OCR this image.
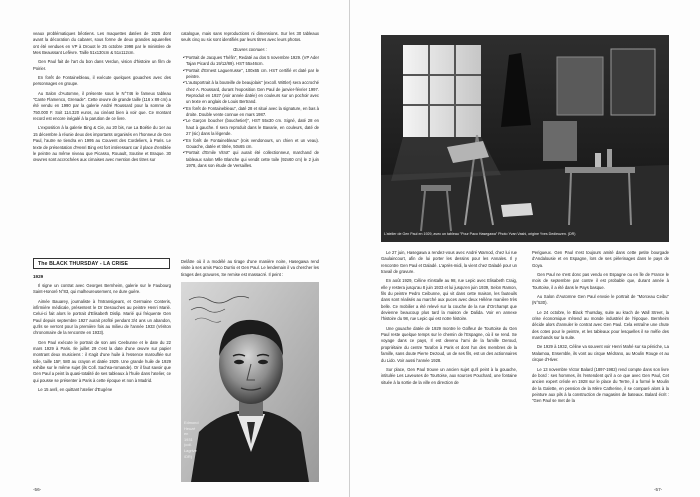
veaux problématiques bêotiens. Les maquettes datées de 1925 dont avant la décoration du cabaret, sous forme de deux grandes aquarelles ont été vendues en VP à Drouot le 25 octobre 1998 par le ministère de Mes Beaussant Lefèvre. Taille 51x130cm & 51x112cm.

Gen Paul fait de l'art du bon dans Verdun, vision d'histoire un film de Poirier.

En forêt de Fontainebleau, il exécute quelques gouaches avec des personnages en groupe.

Au Salon d'Automne, il présente sous le N°746 le fameux tableau "Cante Flamenco, Grenade". Cette œuvre de grande taille (116 x 89 cm) a été vendu en 1990 par la galerie André Roussard pour la somme de 750.000 F. Soit 114.320 euros, au cinéast bien à voir que. Ce montant record est encore inégalé à la parution de ce livre.

L'exposition à la galerie Bing & Cie, au 20 bis, rue La Boétie du 1er au 15 décembre à réunie deux des importants organisés en l'honneur de Gen Paul, l'autre se tiendra en 1995 au Couvent des Cordeliers, à Paris. Le texte de présentation d'Henri Bing est fort intéressant car il place d'emblée le peintre au même niveau que Picasso, Rouault, Soutine et Braque. 30 œuvres sont accrochées aux cimaises avec mention des titres sur

catalogue, mais sans reproductions ni dimensions. Sur les 30 tableaux seuls cinq ou six sont identifiés par leurs titres avec leurs photos.

Œuvres connues :

• "Portrait de Jacques Théfin", Redaté au dos 5 novembre 1929. (VP Ader Tajan Picard du 19/12/89). HST 55x46cm.
• "Portrait d'Ernest Laguerrusse", 100x65 cm. HST certifié et daté par le peintre.
• "L'autoportrait à la bouteille de beaujolais" (excoll. Wittler) sera accroché chez A. Roussard, durant l'exposition Gen Paul de janvier-février 1997. Reproduit en 1927 (voir année datée) en couleurs sur un pochoir avec un texte en anglais de Louis Bertrand.
• "En forêt de Fontainebleau", daté 28 et situé avec la signature, en bas à droite. Double vente connue en mars 1987.
• "Le Garçon boucher (bouchetier)", HST 55x30 cm. Signé, daté 28 en haut à gauche. Il sera reproduit dans le Bavarie, en couleurs, daté de 27 (sic) dans la légende.
• "En forêt de Fontainebleau" (rois vendonours, un chien et un veau). Gouache, datée et titrée, 50x65 cm.
• "Portrait d'Emile Vitrot" qui aurait été collectionneur, marchand de tableaux salon Mlle Blanche qui vendit cette toile (92x60 cm) le 2 juin 1978, dans son étude de Versailles.
The BLACK THURSDAY - LA CRISE
1929

Il signe un contrat avec Georges Bernheim, galerie sur le Faubourg Saint-Honoré N°83, qui malheureusement, ne dure guère.

Aimée Bauarey, journaliste à l'Intransigeant, et Germaine Conteris, infirmière médicale, présentent le Dr Desouches au peintre Henri Marié. Celui-ci fait alors le portrait d'Elisabeth Dislip. Marié qui fréquente Gen Paul depuis septembre 1927 aurait profité pendant 3/4 ans un abandon, qu'ils se verront pour la première fois au milieu de l'année 1933 (Vériton chronomaire de la rencontre en 1933).

Gen Paul exécute le portrait de son ami Ceebunne et le date du 22 mars 1929 à Paris. Ile juillet 29 c'est la date d'une œuvre sur papier montrant deux musiciens : il s'agit d'une huile à l'essence marouflée sur toile, taille 15F, 580 au crayon et datée 1929. Une grande huile de 1929 exhibe sur le même sujet (ils Coll. Sachsa-romande). Or il faut savoir que Gen Paul a peint la quasi-totalité de ses tableaux à l'huile dans l'atelier, ce qui pousse se présenter à Paris à cette époque et non à Madrid.

Le 15 avril, en quittant l'atelier d'Eugène

Delâtre où il a modélé au tirage d'une manière noire, Hasegawa rend visite à ses amis Paco Durrio et Gen Paul. Le lendemain il va chercher les tirages des gravures, Se remise est massacré. Il peint :

Edmond
Heuzé
en
1931
(coll.
Lagrive
/DR)
-56-
L'atelier de Gen Paul en 1929, avec un tableau "Pour Paco Hasegawa" Photo Yvan Vashi, origine Yves Dedieuzen. (DR)

Le 27 juin, Hasegawa a rendez-vous avec André Warnod, chez lui rue Gaulaincourt, afin de lui porter les dessins pour les Annales. Il y rencontre Gen Paul et Daladé. L'après-midi, la vient chez Daladé pour un travail de gravure.

En août 1929, Céline s'installe au 98, rue Lepic avec Elisabeth Craig, elle y restera jusqu'au 8 juin 1933 et lui jusqu'en juin 1939, Selon Ramon, fils du peintre Pedro Ceibunne, qui vit dans cette maison, les fauteuils dans sont réalisés au marché aux puces avec deux Hélène manière très belle. Ce mobilier a été relevé sur la couche de la rue d'Orchampt que devienne beaucoup plus tard la maison de Dalida. Voir en annexe l'histoire du 98, rue Lepic qui est notre histoire.

Une gouache datée de 1929 montre le Golfeur de Tourtoise du Gen Paul reste quelque temps sur le chemin de l'Espagne, où il se rend. Se voyage dans ce pays, Il est devenu l'ami de la famille Deroud, propriétaire du centre Tarafon à Paris et dont l'un des membres de la famille, sans doute Pierre Dezoud, un de ses fils, est un des actionnaires du Lido. Voir aussi l'année 1928.

Sur place, Gen Paul trouve un ancien sujet qu'il peint à la gouache, intitulée Les Laveuses de Tourtoise, aux sources Pouchard, une fontaine située à la sortie de la ville en direction de

Perigueux. Gen Paul s'est toujours amité dans cette petite bourgade d'Andalousie et en Espagne, lors de ses pèlerinages dans le pays de Goya.

Gen Paul ne s'est donc pas vendu en Espagne ou en Île de France le mois de septembre par contre il est probable que, durant année à Tourtoise, il a été dans le Pays basque.

Au Salon d'Automne Gen Paul envoie le portrait de "Morceau Ceibu" (N°530).

Le 24 octobre, le Black Thursday, suite au krach de Wall Street, la crise économique s'étend au monde industriel de l'époque. Bernheim décide alors d'annuler le contrat avec Gen Paul. Cela entraîne une chute des cotes pour le peintre, et les tableaux pour lesquelles il se méfie des marchands sur la suite.

De 1929 à 1932, Céline va souvent voir Henri Mahé sur sa péniche, La Malamoa, Ensemble, ils vont au cirque Médrano, au Moulin Rouge et au cirque d'Hiver.

Le 13 novembre Victor Balard (1897-1982) rend compte dans son livre de bord : ses hommes, ils l'entendent qu'il a ce que avec Gen Paul, Cet ancien expert créole en 1928 sur le place du Tertre, il a formé le Moulin de la Galette, en pension de la Mère Catherine, il se comparé alors à la peinture aux pils à la construction de magasins de bateaux. Balard écrit : "Gen Paul se met de la

-57-
